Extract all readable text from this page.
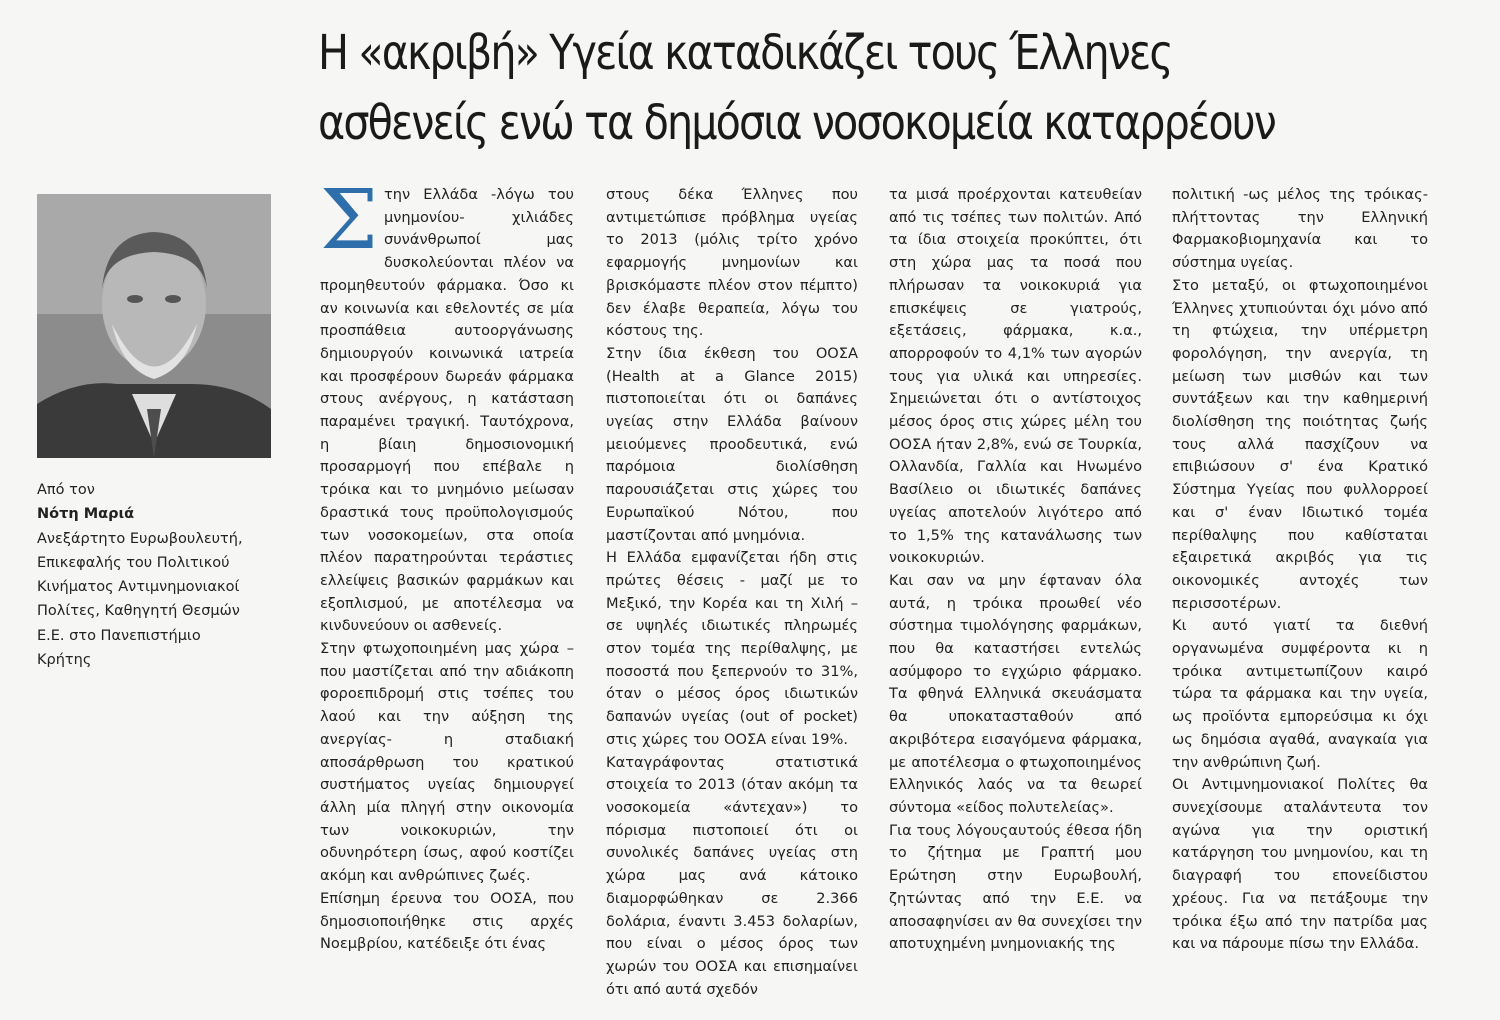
Η «ακριβή» Υγεία καταδικάζει τους Έλληνες
ασθενείς ενώ τα δημόσια νοσοκομεία καταρρέουν
Από τον
Νότη Μαριά
Ανεξάρτητο Ευρωβουλευτή,
Επικεφαλής του Πολιτικού
Κινήματος Αντιμνημονιακοί
Πολίτες, Καθηγητή Θεσμών
Ε.Ε. στο Πανεπιστήμιο
Κρήτης
Σ την Ελλάδα -λόγω του μνημονίου- χιλιάδες συνάνθρωποί μας δυσκολεύονται πλέον να προμηθευτούν φάρμακα. Όσο κι αν κοινωνία και εθελοντές σε μία προσπάθεια αυτοοργάνωσης δημιουργούν κοινωνικά ιατρεία και προσφέρουν δωρεάν φάρμακα στους ανέργους, η κατάσταση παραμένει τραγική. Ταυτόχρονα, η βίαιη δημοσιονομική προσαρμογή που επέβαλε η τρόικα και το μνημόνιο μείωσαν δραστικά τους προϋπολογισμούς των νοσοκομείων, στα οποία πλέον παρατηρούνται τεράστιες ελλείψεις βασικών φαρμάκων και εξοπλισμού, με αποτέλεσμα να κινδυνεύουν οι ασθενείς.

Στην φτωχοποιημένη μας χώρα –που μαστίζεται από την αδιάκοπη φοροεπιδρομή στις τσέπες του λαού και την αύξηση της ανεργίας- η σταδιακή αποσάρθρωση του κρατικού συστήματος υγείας δημιουργεί άλλη μία πληγή στην οικονομία των νοικοκυριών, την οδυνηρότερη ίσως, αφού κοστίζει ακόμη και ανθρώπινες ζωές.

Επίσημη έρευνα του ΟΟΣΑ, που δημοσιοποιήθηκε στις αρχές Νοεμβρίου, κατέδειξε ότι ένας

στους δέκα Έλληνες που αντιμετώπισε πρόβλημα υγείας το 2013 (μόλις τρίτο χρόνο εφαρμογής μνημονίων και βρισκόμαστε πλέον στον πέμπτο) δεν έλαβε θεραπεία, λόγω του κόστους της.

Στην ίδια έκθεση του ΟΟΣΑ (Health at a Glance 2015) πιστοποιείται ότι οι δαπάνες υγείας στην Ελλάδα βαίνουν μειούμενες προοδευτικά, ενώ παρόμοια διολίσθηση παρουσιάζεται στις χώρες του Ευρωπαϊκού Νότου, που μαστίζονται από μνημόνια.

Η Ελλάδα εμφανίζεται ήδη στις πρώτες θέσεις - μαζί με το Μεξικό, την Κορέα και τη Χιλή – σε υψηλές ιδιωτικές πληρωμές στον τομέα της περίθαλψης, με ποσοστά που ξεπερνούν το 31%, όταν ο μέσος όρος ιδιωτικών δαπανών υγείας (out of pocket) στις χώρες του ΟΟΣΑ είναι 19%.

Καταγράφοντας στατιστικά στοιχεία το 2013 (όταν ακόμη τα νοσοκομεία «άντεχαν») το πόρισμα πιστοποιεί ότι οι συνολικές δαπάνες υγείας στη χώρα μας ανά κάτοικο διαμορφώθηκαν σε 2.366 δολάρια, έναντι 3.453 δολαρίων, που είναι ο μέσος όρος των χωρών του ΟΟΣΑ και επισημαίνει ότι από αυτά σχεδόν

τα μισά προέρχονται κατευθείαν από τις τσέπες των πολιτών. Από τα ίδια στοιχεία προκύπτει, ότι στη χώρα μας τα ποσά που πλήρωσαν τα νοικοκυριά για επισκέψεις σε γιατρούς, εξετάσεις, φάρμακα, κ.α., απορροφούν το 4,1% των αγορών τους για υλικά και υπηρεσίες. Σημειώνεται ότι ο αντίστοιχος μέσος όρος στις χώρες μέλη του ΟΟΣΑ ήταν 2,8%, ενώ σε Τουρκία, Ολλανδία, Γαλλία και Ηνωμένο Βασίλειο οι ιδιωτικές δαπάνες υγείας αποτελούν λιγότερο από το 1,5% της κατανάλωσης των νοικοκυριών.

Και σαν να μην έφταναν όλα αυτά, η τρόικα προωθεί νέο σύστημα τιμολόγησης φαρμάκων, που θα καταστήσει εντελώς ασύμφορο το εγχώριο φάρμακο. Τα φθηνά Ελληνικά σκευάσματα θα υποκατασταθούν από ακριβότερα εισαγόμενα φάρμακα, με αποτέλεσμα ο φτωχοποιημένος Ελληνικός λαός να τα θεωρεί σύντομα «είδος πολυτελείας».

Για τους λόγουςαυτούς έθεσα ήδη το ζήτημα με Γραπτή μου Ερώτηση στην Ευρωβουλή, ζητώντας από την Ε.Ε. να αποσαφηνίσει αν θα συνεχίσει την αποτυχημένη μνημονιακής της

πολιτική -ως μέλος της τρόικας- πλήττοντας την Ελληνική Φαρμακοβιομηχανία και το σύστημα υγείας.

Στο μεταξύ, οι φτωχοποιημένοι Έλληνες χτυπιούνται όχι μόνο από τη φτώχεια, την υπέρμετρη φορολόγηση, την ανεργία, τη μείωση των μισθών και των συντάξεων και την καθημερινή διολίσθηση της ποιότητας ζωής τους αλλά πασχίζουν να επιβιώσουν σ' ένα Κρατικό Σύστημα Υγείας που φυλλορροεί και σ' έναν Ιδιωτικό τομέα περίθαλψης που καθίσταται εξαιρετικά ακριβός για τις οικονομικές αντοχές των περισσοτέρων.

Κι αυτό γιατί τα διεθνή οργανωμένα συμφέροντα κι η τρόικα αντιμετωπίζουν καιρό τώρα τα φάρμακα και την υγεία, ως προϊόντα εμπορεύσιμα κι όχι ως δημόσια αγαθά, αναγκαία για την ανθρώπινη ζωή.

Οι Αντιμνημονιακοί Πολίτες θα συνεχίσουμε αταλάντευτα τον αγώνα για την οριστική κατάργηση του μνημονίου, και τη διαγραφή του επονείδιστου χρέους. Για να πετάξουμε την τρόικα έξω από την πατρίδα μας και να πάρουμε πίσω την Ελλάδα.
